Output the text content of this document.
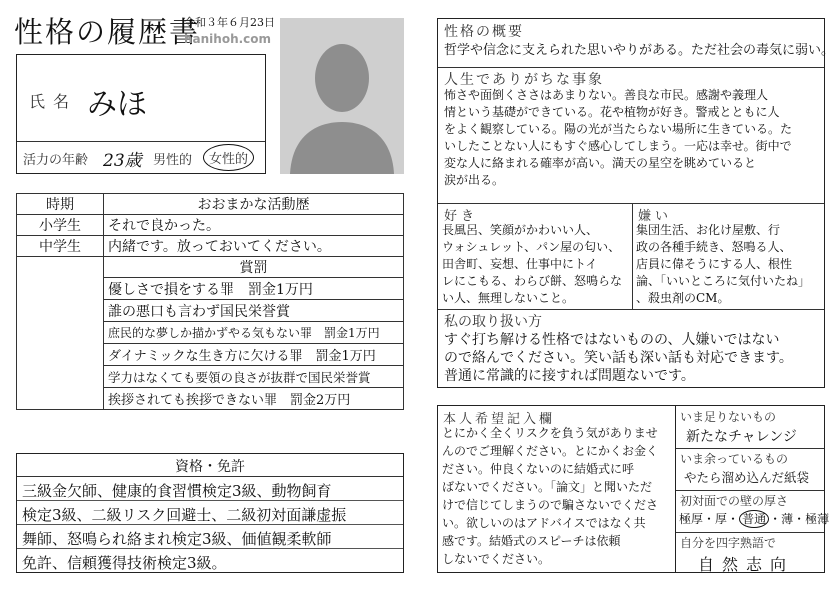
性格の履歴書
令和３年６月23日
hanihoh.com
氏名 みほ
活力の年齢 23歳 男性的	女性的
時期	おおまかな活動歴
小学生	それで良かった。
中学生	内緒です。放っておいてください。
	賞罰
	優しさで損をする罪　罰金1万円
	誰の悪口も言わず国民栄誉賞
	庶民的な夢しか描かずやる気もない罪　罰金1万円
	ダイナミックな生き方に欠ける罪　罰金1万円
	学力はなくても要領の良さが抜群で国民栄誉賞
	挨拶されても挨拶できない罪　罰金2万円
資格・免許
三級金欠師、健康的食習慣検定3級、動物飼育
検定3級、二級リスク回避士、二級初対面謙虚振
舞師、怒鳴られ絡まれ検定3級、価値観柔軟師
免許、信頼獲得技術検定3級。
性格の概要
哲学や信念に支えられた思いやりがある。ただ社会の毒気に弱い。
人生でありがちな事象
怖さや面倒くささはあまりない。善良な市民。感謝や義理人
情という基礎ができている。花や植物が好き。警戒とともに人
をよく観察している。陽の光が当たらない場所に生きている。た
いしたことない人にもすぐ感心してしまう。一応は幸せ。街中で
変な人に絡まれる確率が高い。満天の星空を眺めていると
涙が出る。
好き
長風呂、笑顔がかわいい人、
ウォシュレット、パン屋の匂い、
田舎町、妄想、仕事中にトイ
レにこもる、わらび餅、怒鳴らな
い人、無理しないこと。
嫌い
集団生活、お化け屋敷、行
政の各種手続き、怒鳴る人、
店員に偉そうにする人、根性
論、「いいところに気付いたね」
、殺虫剤のCM。
私の取り扱い方
すぐ打ち解ける性格ではないものの、人嫌いではない
ので絡んでください。笑い話も深い話も対応できます。
普通に常識的に接すれば問題ないです。
本人希望記入欄
とにかく全くリスクを負う気がありませ
んのでご理解ください。とにかくお金く
ださい。仲良くないのに結婚式に呼
ばないでください。「論文」と聞いただ
けで信じてしまうので騙さないでくださ
い。欲しいのはアドバイスではなく共
感です。結婚式のスピーチは依頼
しないでください。
いま足りないもの
新たなチャレンジ
いま余っているもの
やたら溜め込んだ紙袋
初対面での壁の厚さ
極厚・厚・ 普通 ・薄・極薄
自分を四字熟語で
自然志向
